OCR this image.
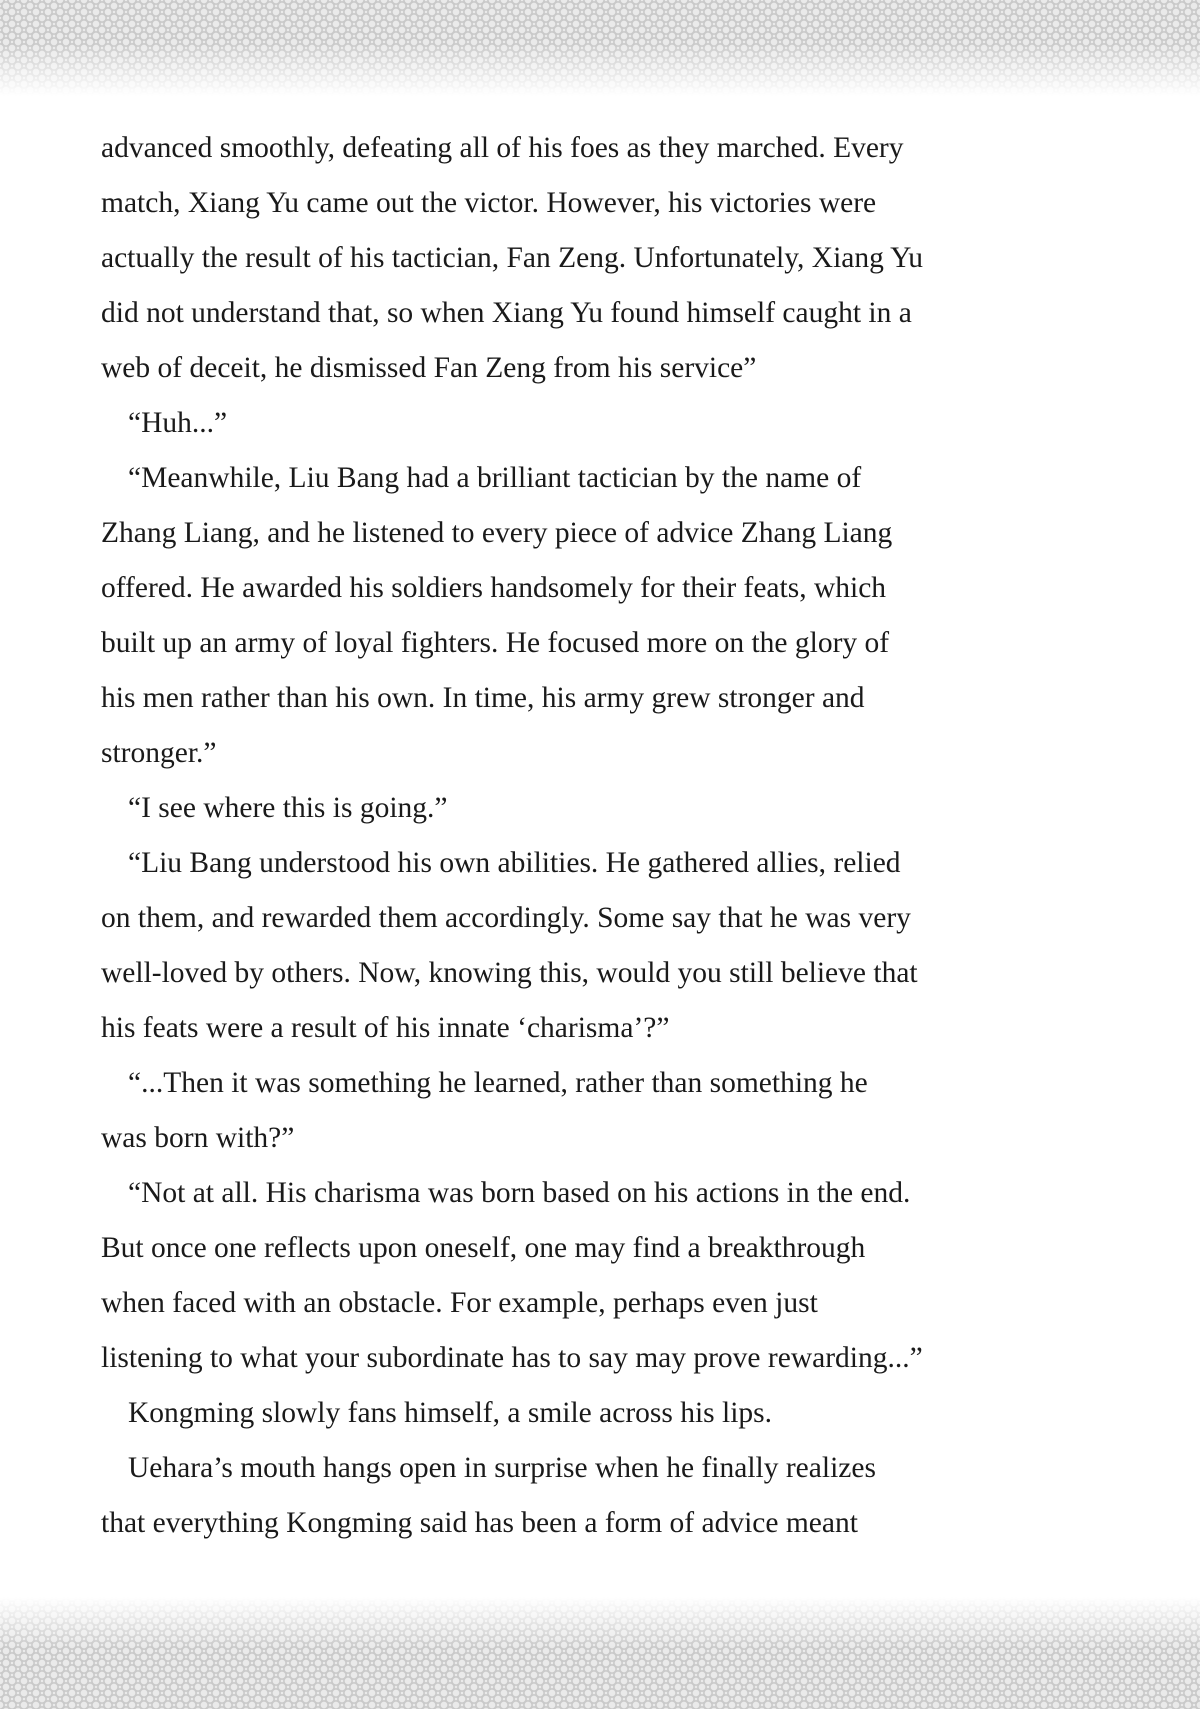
advanced smoothly, defeating all of his foes as they marched. Every
match, Xiang Yu came out the victor. However, his victories were
actually the result of his tactician, Fan Zeng. Unfortunately, Xiang Yu
did not understand that, so when Xiang Yu found himself caught in a
web of deceit, he dismissed Fan Zeng from his service”
“Huh...”
“Meanwhile, Liu Bang had a brilliant tactician by the name of
Zhang Liang, and he listened to every piece of advice Zhang Liang
offered. He awarded his soldiers handsomely for their feats, which
built up an army of loyal fighters. He focused more on the glory of
his men rather than his own. In time, his army grew stronger and
stronger.”
“I see where this is going.”
“Liu Bang understood his own abilities. He gathered allies, relied
on them, and rewarded them accordingly. Some say that he was very
well-loved by others. Now, knowing this, would you still believe that
his feats were a result of his innate ‘charisma’?”
“...Then it was something he learned, rather than something he
was born with?”
“Not at all. His charisma was born based on his actions in the end.
But once one reflects upon oneself, one may find a breakthrough
when faced with an obstacle. For example, perhaps even just
listening to what your subordinate has to say may prove rewarding...”
Kongming slowly fans himself, a smile across his lips.
Uehara’s mouth hangs open in surprise when he finally realizes
that everything Kongming said has been a form of advice meant
